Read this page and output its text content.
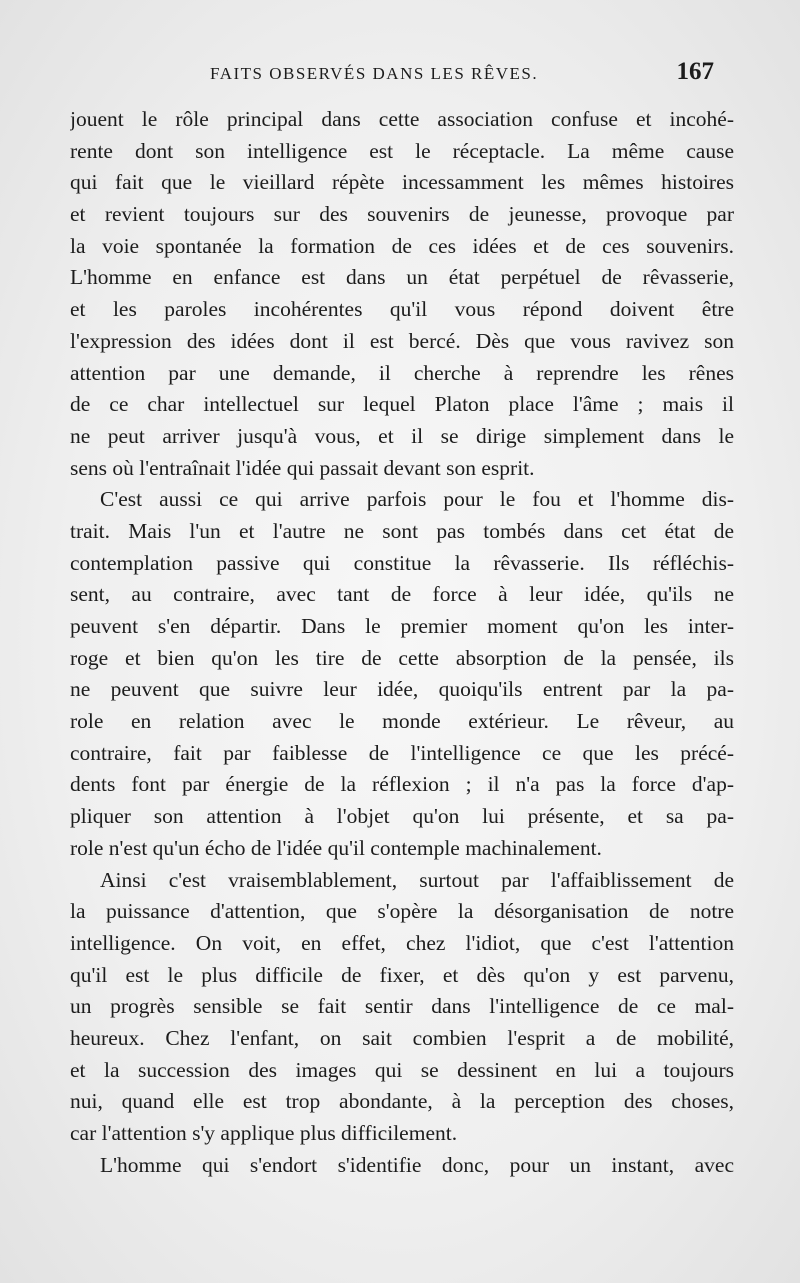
FAITS OBSERVÉS DANS LES RÊVES.	167
jouent le rôle principal dans cette association confuse et incohé-
rente dont son intelligence est le réceptacle. La même cause
qui fait que le vieillard répète incessamment les mêmes histoires
et revient toujours sur des souvenirs de jeunesse, provoque par
la voie spontanée la formation de ces idées et de ces souvenirs.
L'homme en enfance est dans un état perpétuel de rêvasserie,
et les paroles incohérentes qu'il vous répond doivent être
l'expression des idées dont il est bercé. Dès que vous ravivez son
attention par une demande, il cherche à reprendre les rênes
de ce char intellectuel sur lequel Platon place l'âme ; mais il
ne peut arriver jusqu'à vous, et il se dirige simplement dans le
sens où l'entraînait l'idée qui passait devant son esprit.
C'est aussi ce qui arrive parfois pour le fou et l'homme dis-
trait. Mais l'un et l'autre ne sont pas tombés dans cet état de
contemplation passive qui constitue la rêvasserie. Ils réfléchis-
sent, au contraire, avec tant de force à leur idée, qu'ils ne
peuvent s'en départir. Dans le premier moment qu'on les inter-
roge et bien qu'on les tire de cette absorption de la pensée, ils
ne peuvent que suivre leur idée, quoiqu'ils entrent par la pa-
role en relation avec le monde extérieur. Le rêveur, au
contraire, fait par faiblesse de l'intelligence ce que les précé-
dents font par énergie de la réflexion ; il n'a pas la force d'ap-
pliquer son attention à l'objet qu'on lui présente, et sa pa-
role n'est qu'un écho de l'idée qu'il contemple machinalement.
Ainsi c'est vraisemblablement, surtout par l'affaiblissement de
la puissance d'attention, que s'opère la désorganisation de notre
intelligence. On voit, en effet, chez l'idiot, que c'est l'attention
qu'il est le plus difficile de fixer, et dès qu'on y est parvenu,
un progrès sensible se fait sentir dans l'intelligence de ce mal-
heureux. Chez l'enfant, on sait combien l'esprit a de mobilité,
et la succession des images qui se dessinent en lui a toujours
nui, quand elle est trop abondante, à la perception des choses,
car l'attention s'y applique plus difficilement.
L'homme qui s'endort s'identifie donc, pour un instant, avec
